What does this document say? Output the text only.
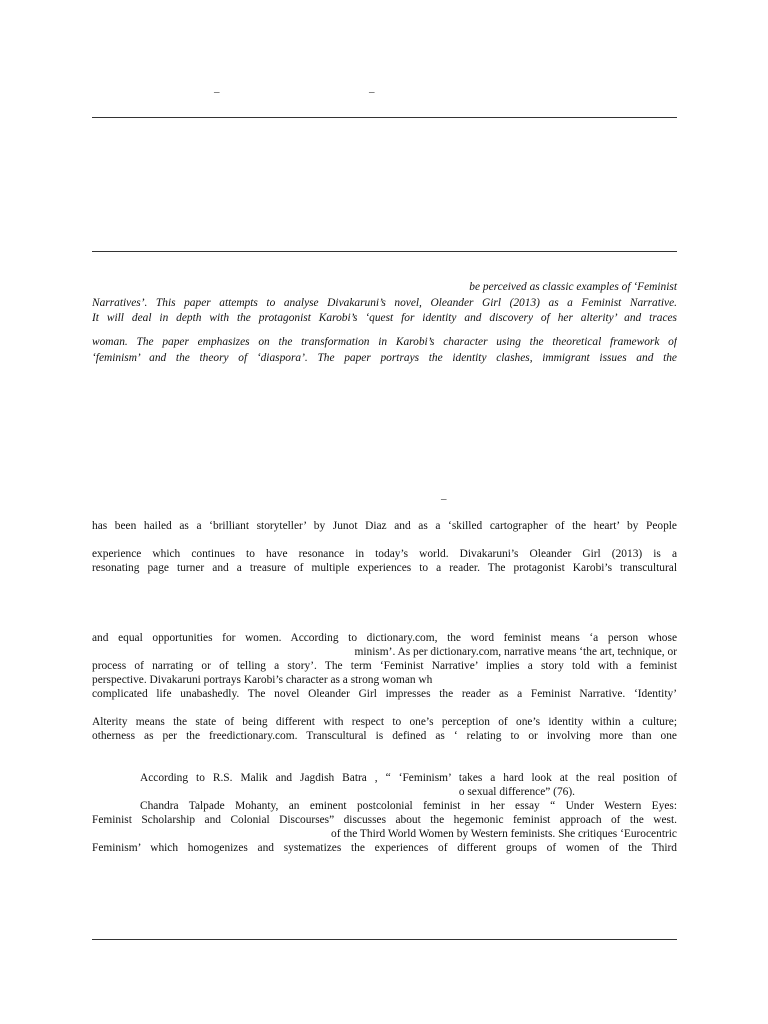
–	–
be perceived as classic examples of ‘Feminist
Narratives’. This paper attempts to analyse Divakaruni’s novel, Oleander Girl (2013) as a Feminist Narrative.
It will deal in depth with the protagonist Karobi’s ‘quest for identity and discovery of her alterity’ and traces
woman. The paper emphasizes on the transformation in Karobi’s character using the theoretical framework of
‘feminism’ and the theory of ‘diaspora’. The paper portrays the identity clashes, immigrant issues and the
–
has been hailed as a ‘brilliant storyteller’ by Junot Diaz and as a ‘skilled cartographer of the heart’ by People
experience which continues to have resonance in today’s world. Divakaruni’s Oleander Girl (2013) is a
resonating page turner and a treasure of multiple experiences to a reader. The protagonist Karobi’s transcultural
and equal opportunities for women. According to dictionary.com, the word feminist means ‘a person whose
minism’. As per dictionary.com, narrative means ‘the art, technique, or
process of narrating or of telling a story’. The term ‘Feminist Narrative’ implies a story told with a feminist
perspective. Divakaruni portrays Karobi’s character as a strong woman wh
complicated life unabashedly. The novel Oleander Girl impresses the reader as a Feminist Narrative. ‘Identity’
Alterity means the state of being different with respect to one’s perception of one’s identity within a culture;
otherness as per the freedictionary.com. Transcultural is defined as ‘ relating to or involving more than one
According to R.S. Malik and Jagdish Batra , “ ‘Feminism’ takes a hard look at the real position of
o sexual difference” (76).
Chandra Talpade Mohanty, an eminent postcolonial feminist in her essay “ Under Western Eyes:
Feminist Scholarship and Colonial Discourses” discusses about the hegemonic feminist approach of the west.
of the Third World Women by Western feminists. She critiques ‘Eurocentric
Feminism’ which homogenizes and systematizes the experiences of different groups of women of the Third
